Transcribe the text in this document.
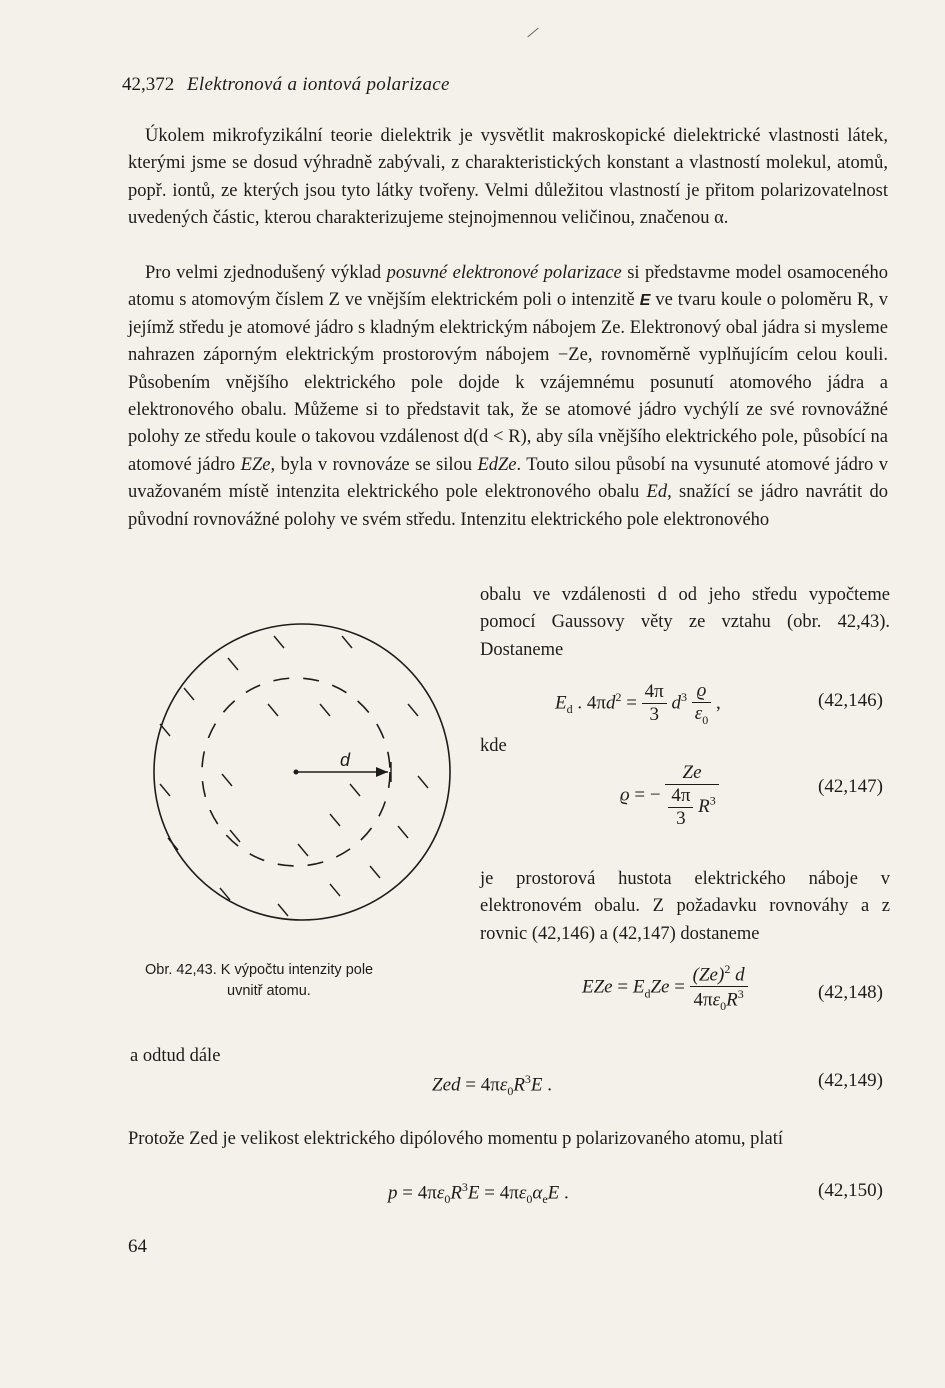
42,372 Elektronová a iontová polarizace

Úkolem mikrofyzikální teorie dielektrik je vysvětlit makroskopické dielektrické vlastnosti látek, kterými jsme se dosud výhradně zabývali, z charakteristických konstant a vlastností molekul, atomů, popř. iontů, ze kterých jsou tyto látky tvořeny. Velmi důležitou vlastností je přitom polarizovatelnost uvedených částic, kterou charakterizujeme stejnojmennou veličinou, značenou α.

Pro velmi zjednodušený výklad posuvné elektronové polarizace si představme model osamoceného atomu s atomovým číslem Z ve vnějším elektrickém poli o intenzitě E ve tvaru koule o poloměru R, v jejímž středu je atomové jádro s kladným elektrickým nábojem Ze. Elektronový obal jádra si mysleme nahrazen záporným elektrickým prostorovým nábojem −Ze, rovnoměrně vyplňujícím celou kouli. Působením vnějšího elektrického pole dojde k vzájemnému posunutí atomového jádra a elektronového obalu. Můžeme si to představit tak, že se atomové jádro vychýlí ze své rovnovážné polohy ze středu koule o takovou vzdálenost d(d < R), aby síla vnějšího elektrického pole, působící na atomové jádro EZe, byla v rovnováze se silou EdZe. Touto silou působí na vysunuté atomové jádro v uvažovaném místě intenzita elektrického pole elektronového obalu Ed, snažící se jádro navrátit do původní rovnovážné polohy ve svém středu. Intenzitu elektrického pole elektronového

obalu ve vzdálenosti d od jeho středu vypočteme pomocí Gaussovy věty ze vztahu (obr. 42,43). Dostaneme

d
$E_d$ . $4\pi d^2 = \frac{4\pi}{3} d^3 \frac{ϱ}{\varepsilon_0}$ ,	(42,146)
kde
ϱ = − $\frac{Ze}{\frac{4\pi}{3} R^3}$	(42,147)

je prostorová hustota elektrického náboje v elektronovém obalu. Z požadavku rovnováhy a z rovnic (42,146) a (42,147) dostaneme

Obr. 42,43. K výpočtu intenzity pole
uvnitř atomu.	EZe = $E_dZe = \frac{(Ze)^2 d}{4\pi\varepsilon_0R^3}$	(42,148)
a odtud dále
Zed = $4\pi\varepsilon_0R^3E$ .	(42,149)

Protože Zed je velikost elektrického dipólového momentu p polarizovaného atomu, platí

$p = 4\pi\varepsilon_0R^3E = 4\pi\varepsilon_0\alpha_eE$ .	(42,150)
64
